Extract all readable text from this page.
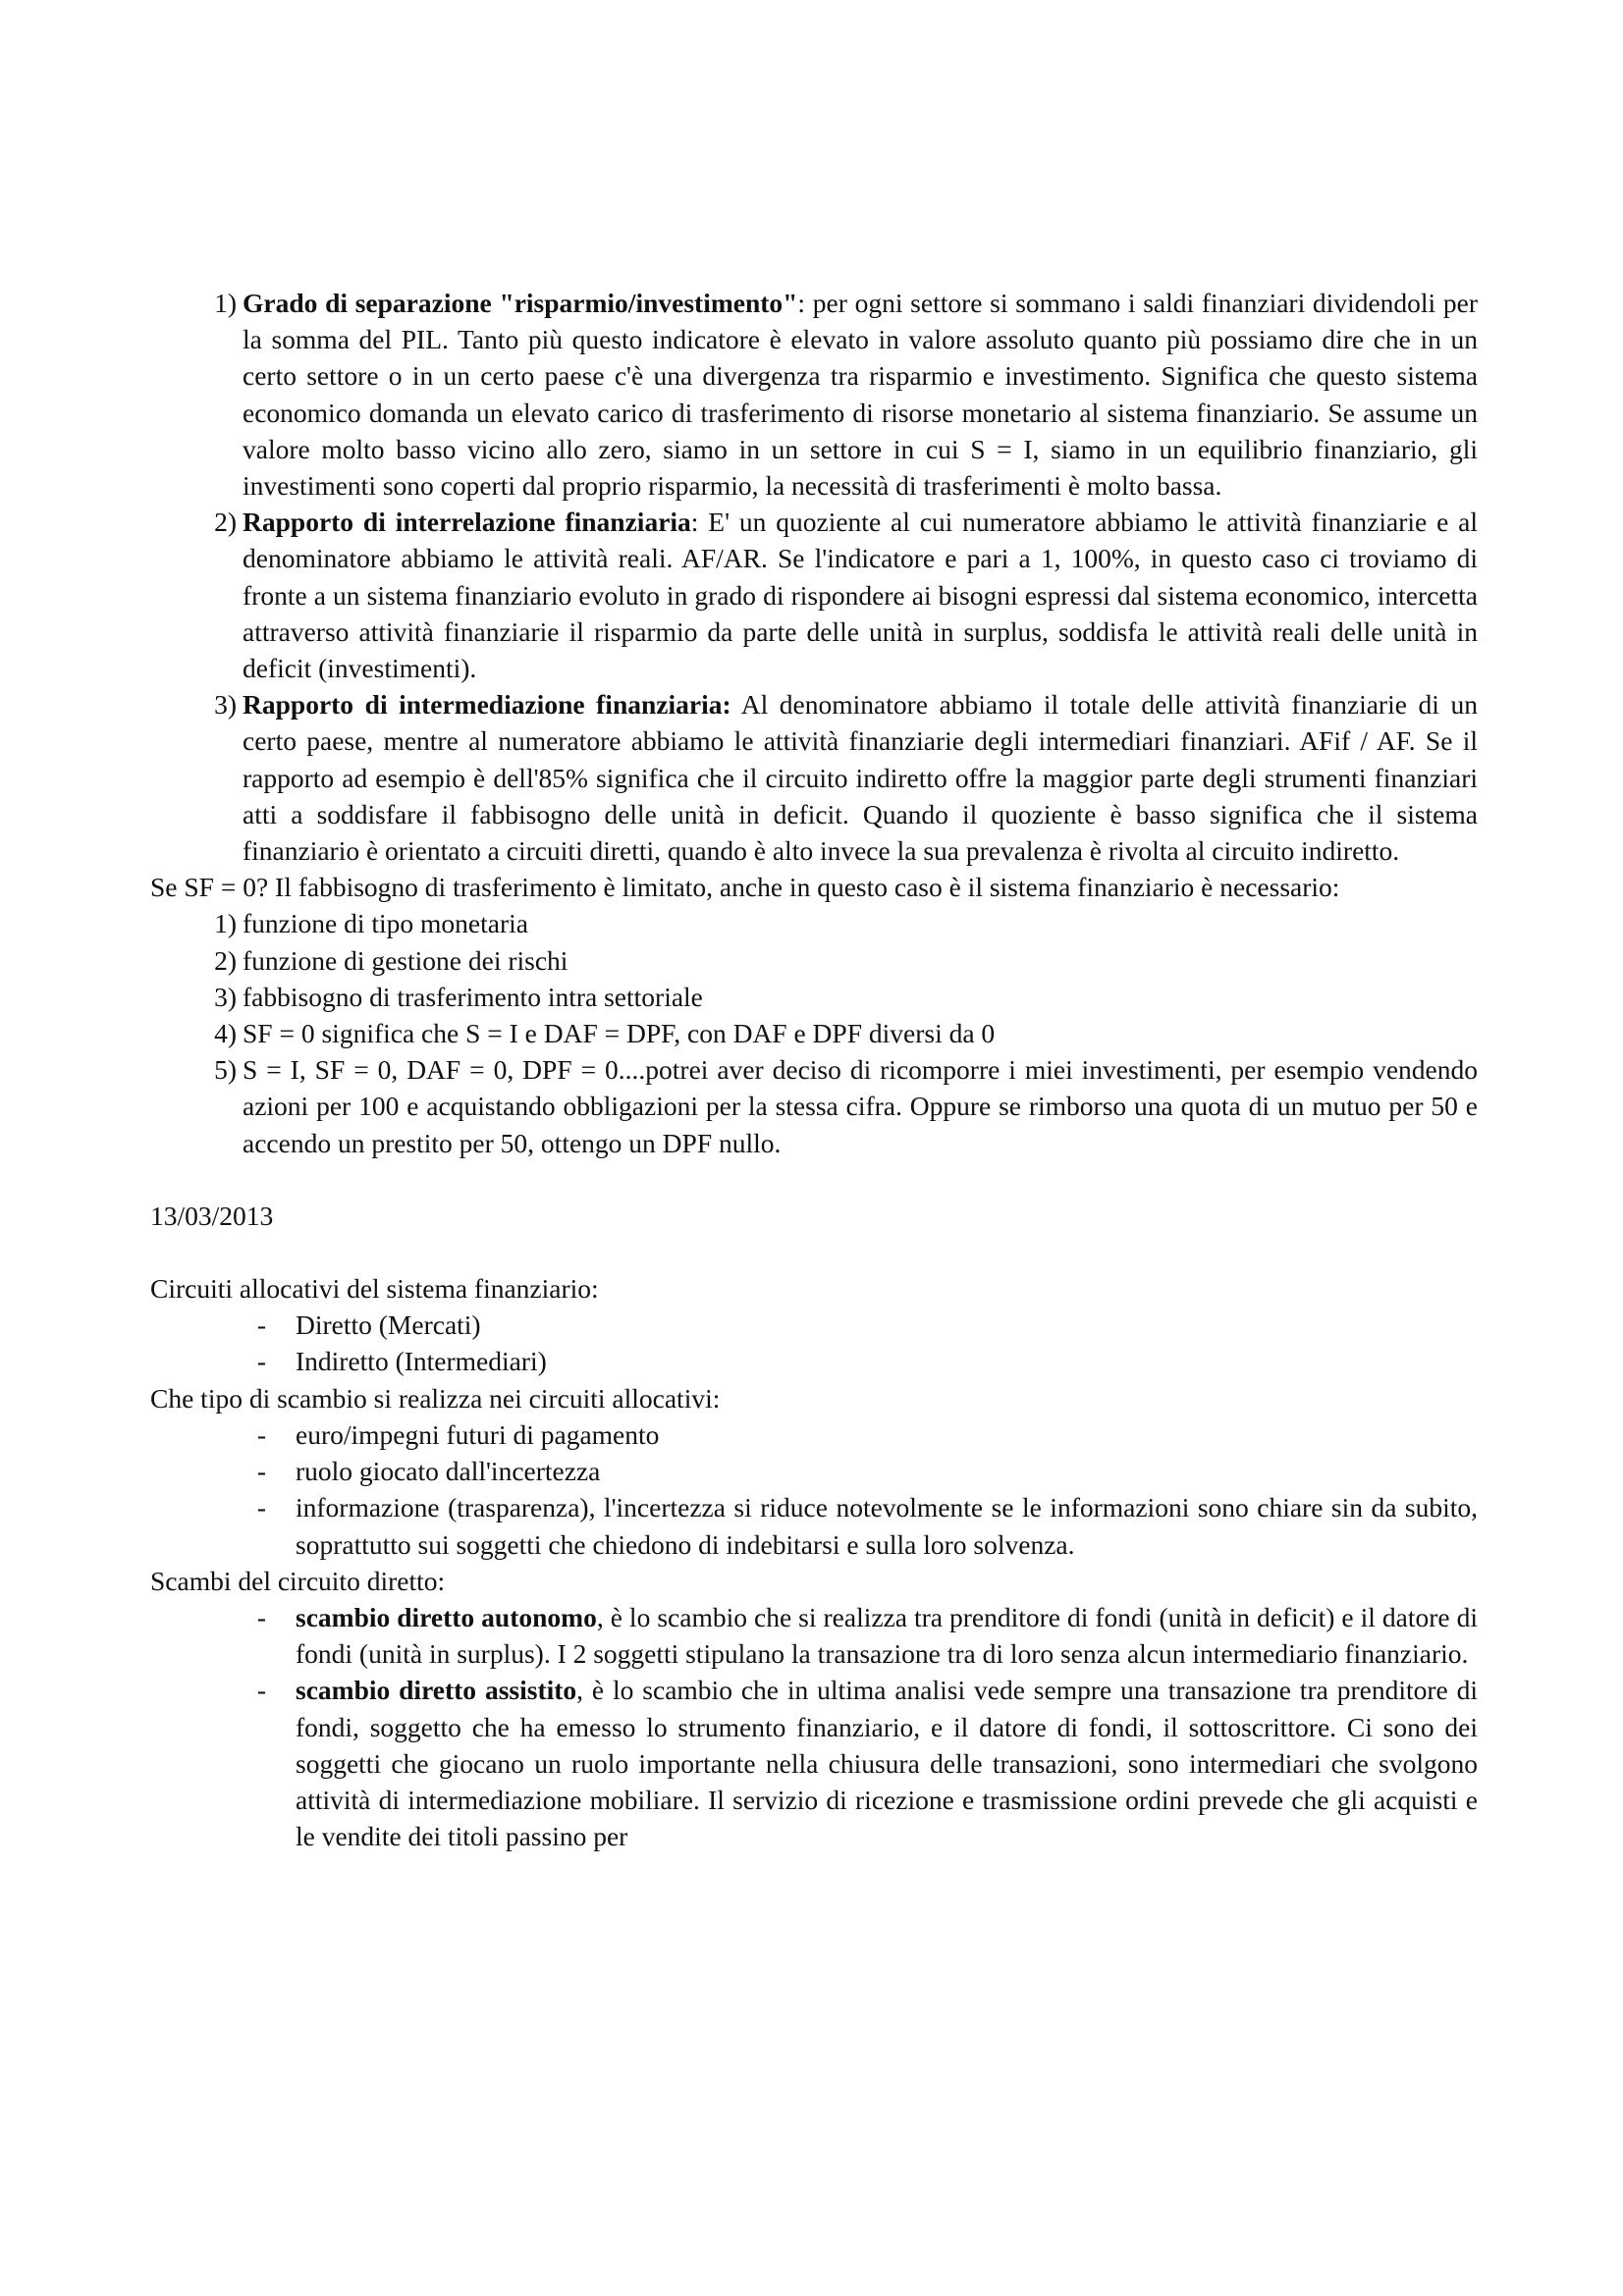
1) Grado di separazione "risparmio/investimento": per ogni settore si sommano i saldi finanziari dividendoli per la somma del PIL. Tanto più questo indicatore è elevato in valore assoluto quanto più possiamo dire che in un certo settore o in un certo paese c'è una divergenza tra risparmio e investimento. Significa che questo sistema economico domanda un elevato carico di trasferimento di risorse monetario al sistema finanziario. Se assume un valore molto basso vicino allo zero, siamo in un settore in cui S = I, siamo in un equilibrio finanziario, gli investimenti sono coperti dal proprio risparmio, la necessità di trasferimenti è molto bassa.
2) Rapporto di interrelazione finanziaria: E' un quoziente al cui numeratore abbiamo le attività finanziarie e al denominatore abbiamo le attività reali. AF/AR. Se l'indicatore e pari a 1, 100%, in questo caso ci troviamo di fronte a un sistema finanziario evoluto in grado di rispondere ai bisogni espressi dal sistema economico, intercetta attraverso attività finanziarie il risparmio da parte delle unità in surplus, soddisfa le attività reali delle unità in deficit (investimenti).
3) Rapporto di intermediazione finanziaria: Al denominatore abbiamo il totale delle attività finanziarie di un certo paese, mentre al numeratore abbiamo le attività finanziarie degli intermediari finanziari. AFif / AF. Se il rapporto ad esempio è dell'85% significa che il circuito indiretto offre la maggior parte degli strumenti finanziari atti a soddisfare il fabbisogno delle unità in deficit. Quando il quoziente è basso significa che il sistema finanziario è orientato a circuiti diretti, quando è alto invece la sua prevalenza è rivolta al circuito indiretto.

Se SF = 0? Il fabbisogno di trasferimento è limitato, anche in questo caso è il sistema finanziario è necessario:

1) funzione di tipo monetaria
2) funzione di gestione dei rischi
3) fabbisogno di trasferimento intra settoriale
4) SF = 0 significa che S = I e DAF = DPF, con DAF e DPF diversi da 0
5) S = I, SF = 0, DAF = 0, DPF = 0....potrei aver deciso di ricomporre i miei investimenti, per esempio vendendo azioni per 100 e acquistando obbligazioni per la stessa cifra. Oppure se rimborso una quota di un mutuo per 50 e accendo un prestito per 50, ottengo un DPF nullo.

13/03/2013

Circuiti allocativi del sistema finanziario:

-	Diretto (Mercati)
-	Indiretto (Intermediari)

Che tipo di scambio si realizza nei circuiti allocativi:

-	euro/impegni futuri di pagamento
-	ruolo giocato dall'incertezza
-	informazione (trasparenza), l'incertezza si riduce notevolmente se le informazioni sono chiare sin da subito, soprattutto sui soggetti che chiedono di indebitarsi e sulla loro solvenza.

Scambi del circuito diretto:

-	scambio diretto autonomo, è lo scambio che si realizza tra prenditore di fondi (unità in deficit) e il datore di fondi (unità in surplus). I 2 soggetti stipulano la transazione tra di loro senza alcun intermediario finanziario.
-	scambio diretto assistito, è lo scambio che in ultima analisi vede sempre una transazione tra prenditore di fondi, soggetto che ha emesso lo strumento finanziario, e il datore di fondi, il sottoscrittore. Ci sono dei soggetti che giocano un ruolo importante nella chiusura delle transazioni, sono intermediari che svolgono attività di intermediazione mobiliare. Il servizio di ricezione e trasmissione ordini prevede che gli acquisti e le vendite dei titoli passino per
